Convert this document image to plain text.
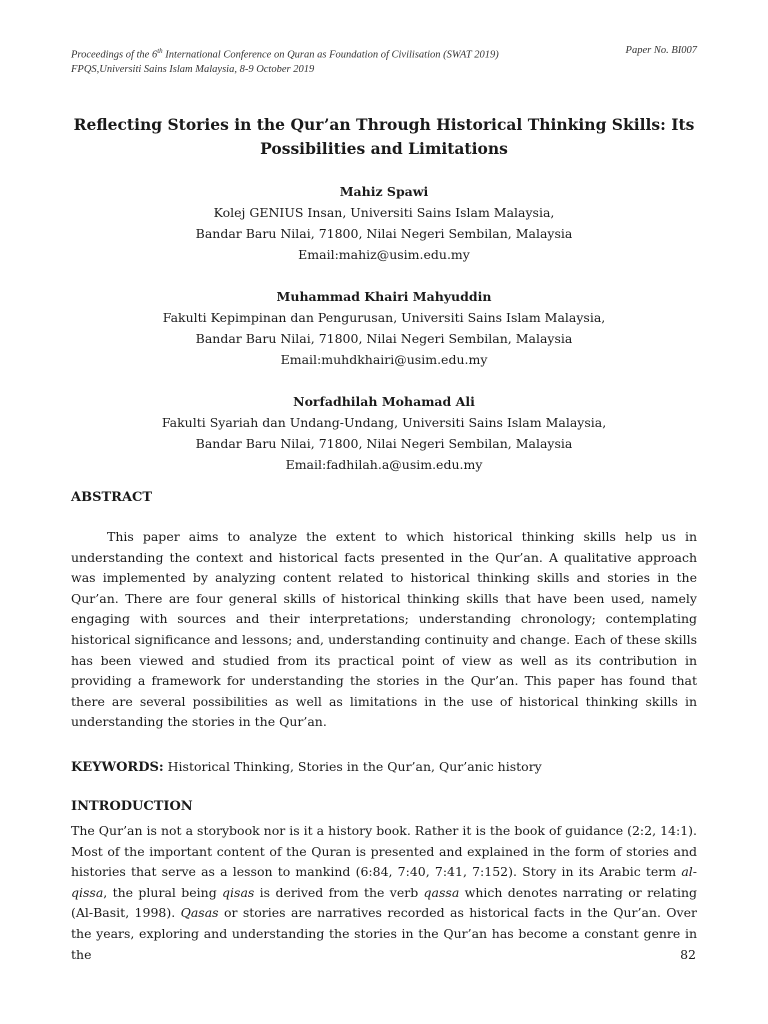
Proceedings of the 6th International Conference on Quran as Foundation of Civilisation (SWAT 2019)	Paper No. BI007
FPQS,Universiti Sains Islam Malaysia, 8-9 October 2019
Reflecting Stories in the Qur’an Through Historical Thinking Skills: Its
Possibilities and Limitations
Mahiz Spawi
Kolej GENIUS Insan, Universiti Sains Islam Malaysia,
Bandar Baru Nilai, 71800, Nilai Negeri Sembilan, Malaysia
Email:mahiz@usim.edu.my
Muhammad Khairi Mahyuddin
Fakulti Kepimpinan dan Pengurusan, Universiti Sains Islam Malaysia,
Bandar Baru Nilai, 71800, Nilai Negeri Sembilan, Malaysia
Email:muhdkhairi@usim.edu.my
Norfadhilah Mohamad Ali
Fakulti Syariah dan Undang-Undang, Universiti Sains Islam Malaysia,
Bandar Baru Nilai, 71800, Nilai Negeri Sembilan, Malaysia
Email:fadhilah.a@usim.edu.my
ABSTRACT

This paper aims to analyze the extent to which historical thinking skills help us in understanding the context and historical facts presented in the Qur’an. A qualitative approach was implemented by analyzing content related to historical thinking skills and stories in the Qur’an. There are four general skills of historical thinking skills that have been used, namely engaging with sources and their interpretations; understanding chronology; contemplating historical significance and lessons; and, understanding continuity and change. Each of these skills has been viewed and studied from its practical point of view as well as its contribution in providing a framework for understanding the stories in the Qur’an. This paper has found that there are several possibilities as well as limitations in the use of historical thinking skills in understanding the stories in the Qur’an.

KEYWORDS: Historical Thinking, Stories in the Qur’an, Qur’anic history
INTRODUCTION

The Qur’an is not a storybook nor is it a history book. Rather it is the book of guidance (2:2, 14:1). Most of the important content of the Quran is presented and explained in the form of stories and histories that serve as a lesson to mankind (6:84, 7:40, 7:41, 7:152). Story in its Arabic term al-qissa, the plural being qisas is derived from the verb qassa which denotes narrating or relating (Al-Basit, 1998). Qasas or stories are narratives recorded as historical facts in the Qur’an. Over the years, exploring and understanding the stories in the Qur’an has become a constant genre in the	82
